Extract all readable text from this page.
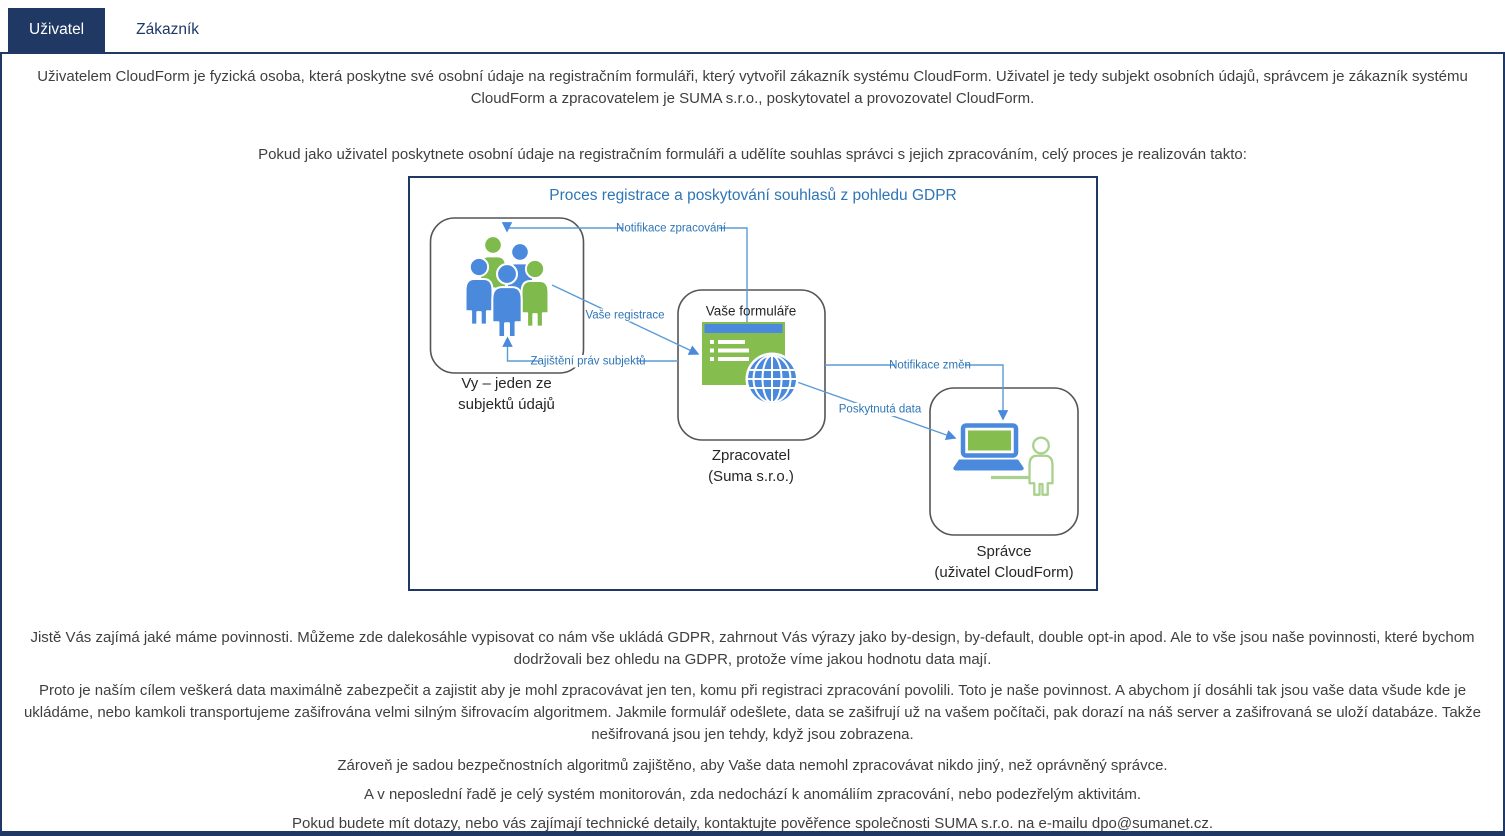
Uživatel	Zákazník

Uživatelem CloudForm je fyzická osoba, která poskytne své osobní údaje na registračním formuláři, který vytvořil zákazník systému CloudForm. Uživatel je tedy subjekt osobních údajů, správcem je zákazník systému CloudForm a zpracovatelem je SUMA s.r.o., poskytovatel a provozovatel CloudForm.

Pokud jako uživatel poskytnete osobní údaje na registračním formuláři a udělíte souhlas správci s jejich zpracováním, celý proces je realizován takto:

Proces registrace a poskytování souhlasů z pohledu GDPR
Notifikace zpracování
Vaše registrace
Zajištění práv subjektů	Notifikace změn
Poskytnutá data
Vaše formuláře
Vy – jeden ze
subjektů údajů
Zpracovatel
(Suma s.r.o.)
Správce
(uživatel CloudForm)

Jistě Vás zajímá jaké máme povinnosti. Můžeme zde dalekosáhle vypisovat co nám vše ukládá GDPR, zahrnout Vás výrazy jako by-design, by-default, double opt-in apod. Ale to vše jsou naše povinnosti, které bychom dodržovali bez ohledu na GDPR, protože víme jakou hodnotu data mají.

Proto je naším cílem veškerá data maximálně zabezpečit a zajistit aby je mohl zpracovávat jen ten, komu při registraci zpracování povolili. Toto je naše povinnost. A abychom jí dosáhli tak jsou vaše data všude kde je ukládáme, nebo kamkoli transportujeme zašifrována velmi silným šifrovacím algoritmem. Jakmile formulář odešlete, data se zašifrují už na vašem počítači, pak dorazí na náš server a zašifrovaná se uloží databáze. Takže nešifrovaná jsou jen tehdy, když jsou zobrazena.

Zároveň je sadou bezpečnostních algoritmů zajištěno, aby Vaše data nemohl zpracovávat nikdo jiný, než oprávněný správce.

A v neposlední řadě je celý systém monitorován, zda nedochází k anomáliím zpracování, nebo podezřelým aktivitám.

Pokud budete mít dotazy, nebo vás zajímají technické detaily, kontaktujte pověřence společnosti SUMA s.r.o. na e-mailu dpo@sumanet.cz.
